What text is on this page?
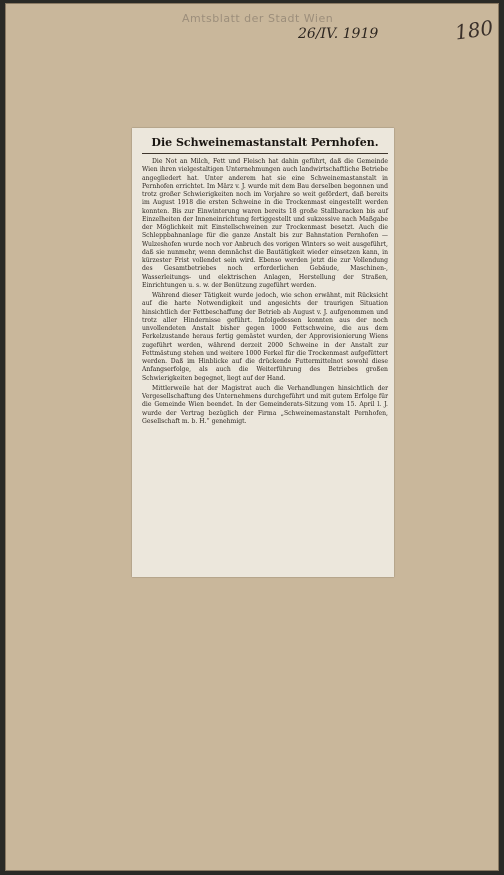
Amtsblatt der Stadt Wien
26/IV. 1919	180
Die Schweinemastanstalt Pernhofen.

Die Not an Milch, Fett und Fleisch hat dahin geführt, daß die Gemeinde Wien ihren vielgestaltigen Unternehmungen auch landwirtschaftliche Betriebe angegliedert hat. Unter anderem hat sie eine Schweinemastanstalt in Pernhofen errichtet. Im März v. J. wurde mit dem Bau derselben begonnen und trotz großer Schwierigkeiten noch im Vorjahre so weit gefördert, daß bereits im August 1918 die ersten Schweine in die Trockenmast eingestellt werden konnten. Bis zur Einwinterung waren bereits 18 große Stallbaracken bis auf Einzelheiten der Inneneinrichtung fertiggestellt und sukzessive nach Maßgabe der Möglichkeit mit Einstellschweinen zur Trockenmast besetzt. Auch die Schleppbahnanlage für die ganze Anstalt bis zur Bahnstation Pernhofen — Wulzeshofen wurde noch vor Anbruch des vorigen Winters so weit ausgeführt, daß sie nunmehr, wenn demnächst die Bautätigkeit wieder einsetzen kann, in kürzester Frist vollendet sein wird. Ebenso werden jetzt die zur Vollendung des Gesamtbetriebes noch erforderlichen Gebäude, Maschinen-, Wasserleitungs- und elektrischen Anlagen, Herstellung der Straßen, Einrichtungen u. s. w. der Benützung zugeführt werden.

Während dieser Tätigkeit wurde jedoch, wie schon erwähnt, mit Rücksicht auf die harte Notwendigkeit und angesichts der traurigen Situation hinsichtlich der Fettbeschaffung der Betrieb ab August v. J. aufgenommen und trotz aller Hindernisse geführt. Infolgedessen konnten aus der noch unvollendeten Anstalt bisher gegen 1000 Fettschweine, die aus dem Ferkelzustande heraus fertig gemästet wurden, der Approvisionierung Wiens zugeführt werden, während derzeit 2000 Schweine in der Anstalt zur Fettmästung stehen und weitere 1000 Ferkel für die Trockenmast aufgefüttert werden. Daß im Hinblicke auf die drückende Futtermittelnot sowohl diese Anfangserfolge, als auch die Weiterführung des Betriebes großen Schwierigkeiten begegnet, liegt auf der Hand.

Mittlerweile hat der Magistrat auch die Verhandlungen hinsichtlich der Vergesellschaftung des Unternehmens durchgeführt und mit gutem Erfolge für die Gemeinde Wien beendet. In der Gemeinderats-Sitzung vom 15. April l. J. wurde der Vertrag bezüglich der Firma „Schweinemastanstalt Pernhofen, Gesellschaft m. b. H.“ genehmigt.
